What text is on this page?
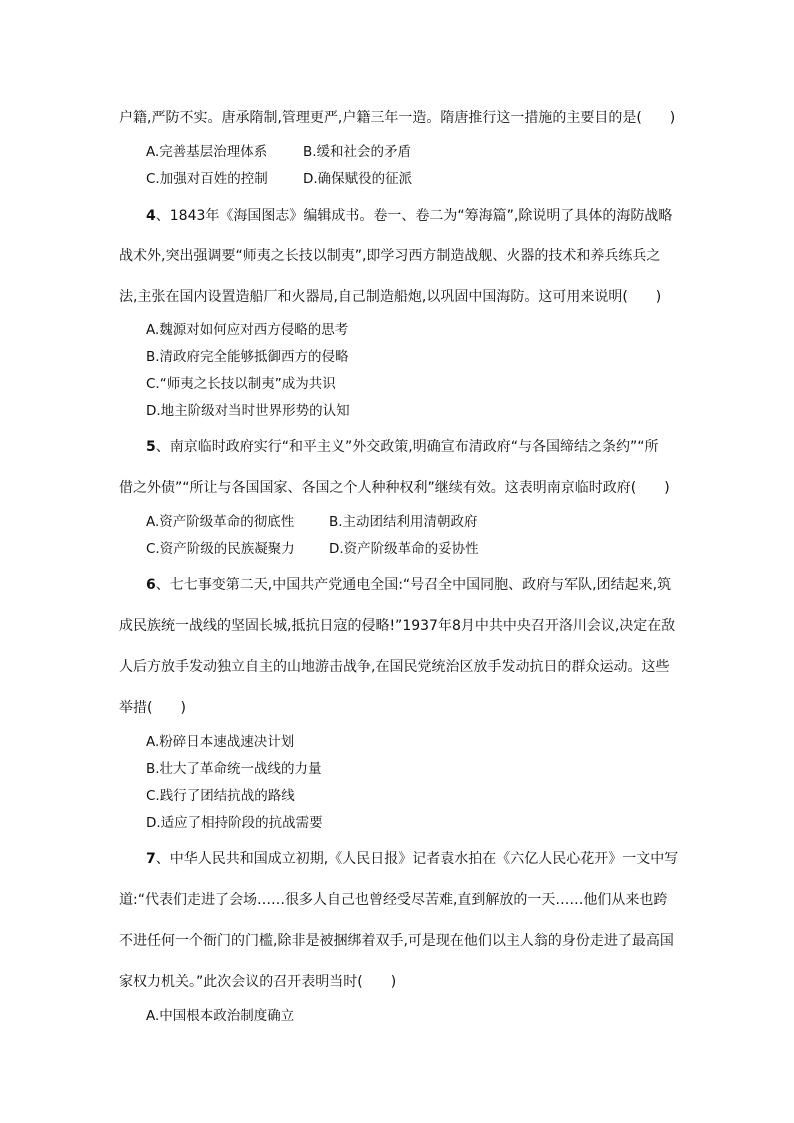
户籍,严防不实。唐承隋制,管理更严,户籍三年一造。隋唐推行这一措施的主要目的是(　　)
A.完善基层治理体系	B.缓和社会的矛盾
C.加强对百姓的控制	D.确保赋役的征派
4、1843年《海国图志》编辑成书。卷一、卷二为“筹海篇”,除说明了具体的海防战略
战术外,突出强调要“师夷之长技以制夷”,即学习西方制造战舰、火器的技术和养兵练兵之
法,主张在国内设置造船厂和火器局,自己制造船炮,以巩固中国海防。这可用来说明(　　)
A.魏源对如何应对西方侵略的思考
B.清政府完全能够抵御西方的侵略
C.“师夷之长技以制夷”成为共识
D.地主阶级对当时世界形势的认知
5、南京临时政府实行“和平主义”外交政策,明确宣布清政府“与各国缔结之条约”“所
借之外债”“所让与各国国家、各国之个人种种权利”继续有效。这表明南京临时政府(　　)
A.资产阶级革命的彻底性	B.主动团结利用清朝政府
C.资产阶级的民族凝聚力	D.资产阶级革命的妥协性
6、七七事变第二天,中国共产党通电全国:“号召全中国同胞、政府与军队,团结起来,筑
成民族统一战线的坚固长城,抵抗日寇的侵略!”1937年8月中共中央召开洛川会议,决定在敌
人后方放手发动独立自主的山地游击战争,在国民党统治区放手发动抗日的群众运动。这些
举措(　　)
A.粉碎日本速战速决计划
B.壮大了革命统一战线的力量
C.践行了团结抗战的路线
D.适应了相持阶段的抗战需要
7、中华人民共和国成立初期,《人民日报》记者袁水拍在《六亿人民心花开》一文中写
道:“代表们走进了会场……很多人自己也曾经受尽苦难,直到解放的一天……他们从来也跨
不进任何一个衙门的门槛,除非是被捆绑着双手,可是现在他们以主人翁的身份走进了最高国
家权力机关。”此次会议的召开表明当时(　　)
A.中国根本政治制度确立
